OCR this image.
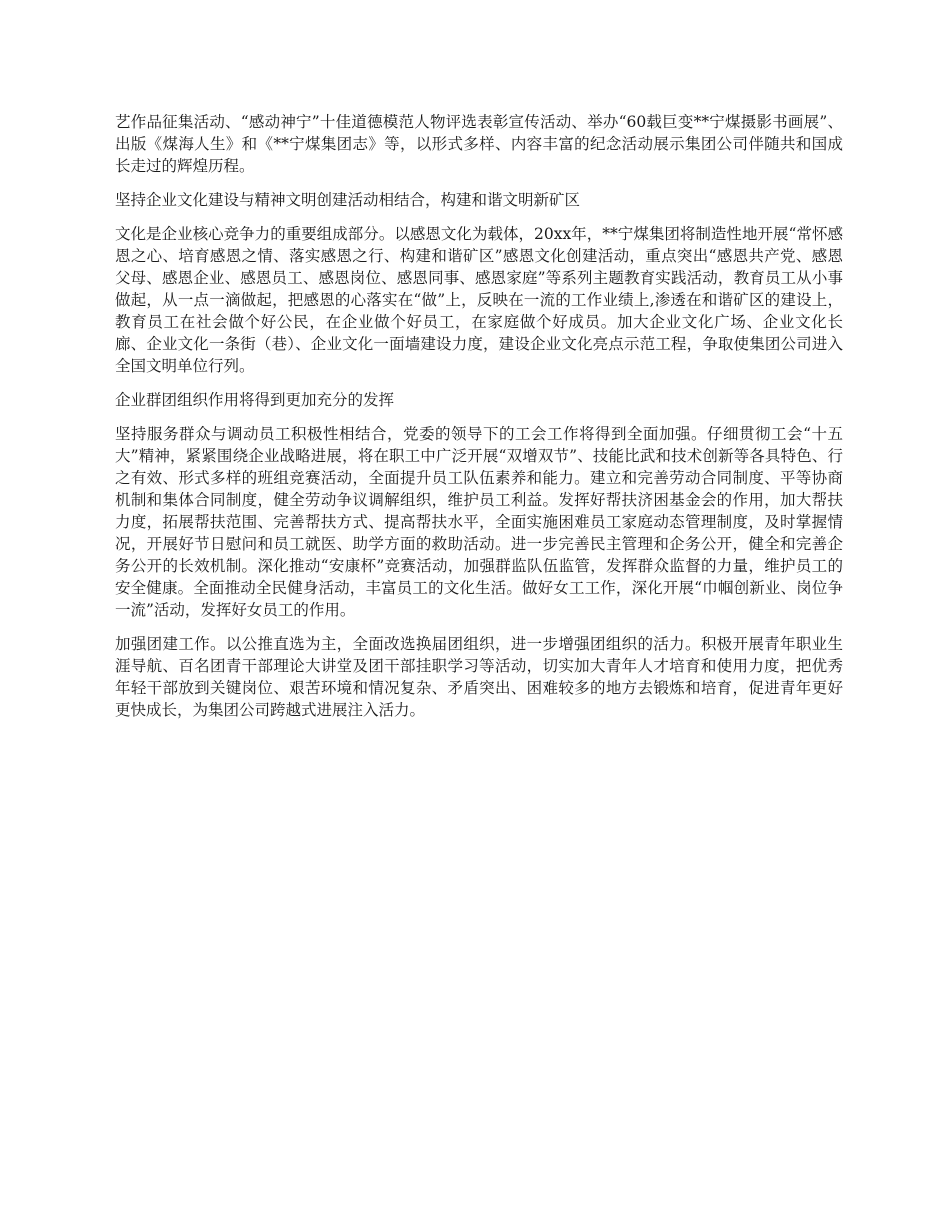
艺作品征集活动、“感动神宁”十佳道德模范人物评选表彰宣传活动、举办“60载巨变**宁煤摄影书画展”、出版《煤海人生》和《**宁煤集团志》等，以形式多样、内容丰富的纪念活动展示集团公司伴随共和国成长走过的辉煌历程。

坚持企业文化建设与精神文明创建活动相结合，构建和谐文明新矿区

文化是企业核心竞争力的重要组成部分。以感恩文化为载体，20xx年，**宁煤集团将制造性地开展“常怀感恩之心、培育感恩之情、落实感恩之行、构建和谐矿区”感恩文化创建活动，重点突出“感恩共产党、感恩父母、感恩企业、感恩员工、感恩岗位、感恩同事、感恩家庭”等系列主题教育实践活动，教育员工从小事做起，从一点一滴做起，把感恩的心落实在“做”上，反映在一流的工作业绩上,渗透在和谐矿区的建设上，教育员工在社会做个好公民，在企业做个好员工，在家庭做个好成员。加大企业文化广场、企业文化长廊、企业文化一条街（巷）、企业文化一面墙建设力度，建设企业文化亮点示范工程，争取使集团公司进入全国文明单位行列。

企业群团组织作用将得到更加充分的发挥

坚持服务群众与调动员工积极性相结合，党委的领导下的工会工作将得到全面加强。仔细贯彻工会“十五大”精神，紧紧围绕企业战略进展，将在职工中广泛开展“双增双节”、技能比武和技术创新等各具特色、行之有效、形式多样的班组竞赛活动，全面提升员工队伍素养和能力。建立和完善劳动合同制度、平等协商机制和集体合同制度，健全劳动争议调解组织，维护员工利益。发挥好帮扶济困基金会的作用，加大帮扶力度，拓展帮扶范围、完善帮扶方式、提高帮扶水平，全面实施困难员工家庭动态管理制度，及时掌握情况，开展好节日慰问和员工就医、助学方面的救助活动。进一步完善民主管理和企务公开，健全和完善企务公开的长效机制。深化推动“安康杯”竞赛活动，加强群监队伍监管，发挥群众监督的力量，维护员工的安全健康。全面推动全民健身活动，丰富员工的文化生活。做好女工工作，深化开展“巾帼创新业、岗位争一流”活动，发挥好女员工的作用。

加强团建工作。以公推直选为主，全面改选换届团组织，进一步增强团组织的活力。积极开展青年职业生涯导航、百名团青干部理论大讲堂及团干部挂职学习等活动，切实加大青年人才培育和使用力度，把优秀年轻干部放到关键岗位、艰苦环境和情况复杂、矛盾突出、困难较多的地方去锻炼和培育，促进青年更好更快成长，为集团公司跨越式进展注入活力。
